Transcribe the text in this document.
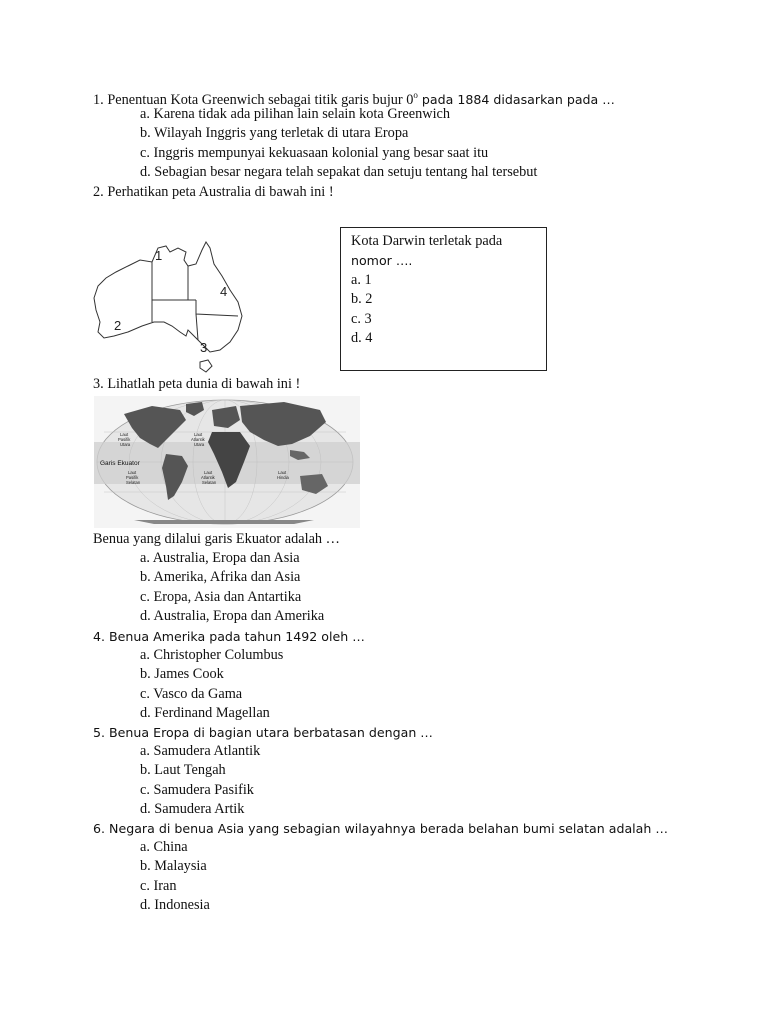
1. Penentuan Kota Greenwich sebagai titik garis bujur 0$^o$ pada 1884 didasarkan pada …
a. Karena tidak ada pilihan lain selain kota Greenwich
b. Wilayah Inggris yang terletak di utara Eropa
c. Inggris mempunyai kekuasaan kolonial yang besar saat itu
d. Sebagian besar negara telah sepakat dan setuju tentang hal tersebut
2. Perhatikan peta Australia di bawah ini !
1
2
3
4
Kota Darwin terletak pada
nomor ….
a. 1
b. 2
c. 3
d. 4
3. Lihatlah peta dunia di bawah ini !
Laut
Pasifik
Utara
Laut
Atlantik
Utara
Laut
Pasifik
Selatan
Laut
Atlantik
Selatan
Laut
Hindia
Garis Ekuator
Benua yang dilalui garis Ekuator adalah …
a. Australia, Eropa dan Asia
b. Amerika, Afrika dan Asia
c. Eropa, Asia dan Antartika
d. Australia, Eropa dan Amerika
4. Benua Amerika pada tahun 1492 oleh …
a. Christopher Columbus
b. James Cook
c. Vasco da Gama
d. Ferdinand Magellan
5. Benua Eropa di bagian utara berbatasan dengan …
a. Samudera Atlantik
b. Laut Tengah
c. Samudera Pasifik
d. Samudera Artik
6. Negara di benua Asia yang sebagian wilayahnya berada belahan bumi selatan adalah …
a. China
b. Malaysia
c. Iran
d. Indonesia
